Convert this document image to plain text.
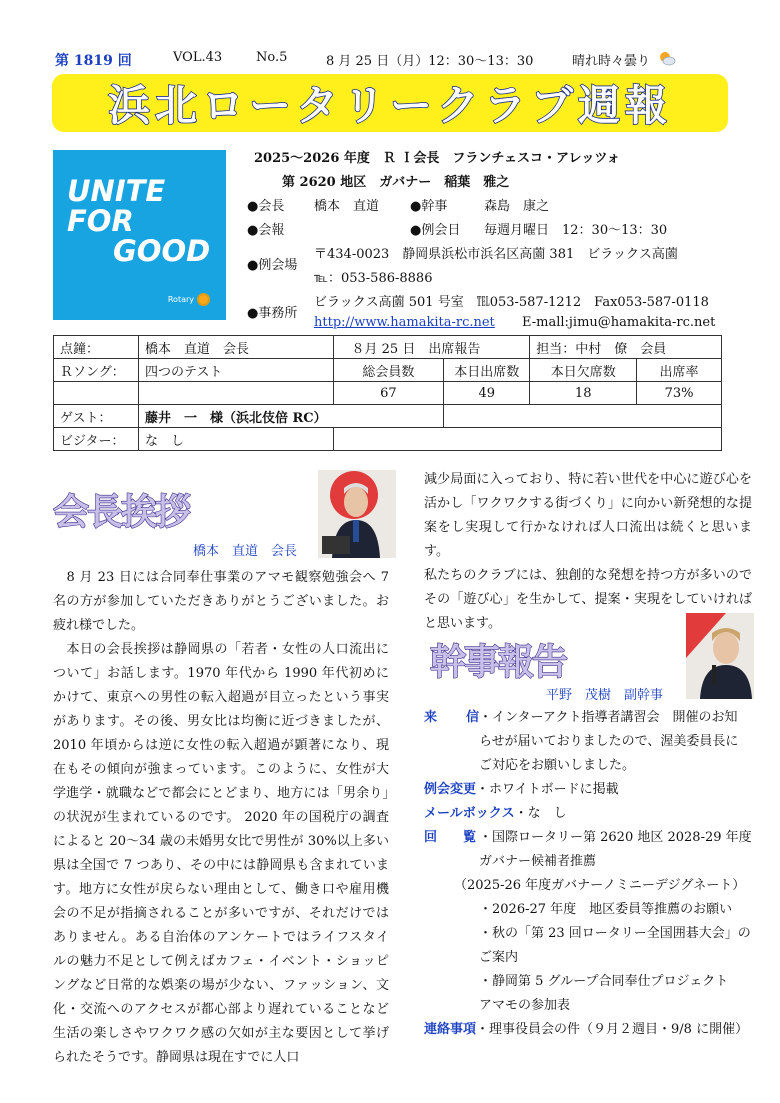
第 1819 回	VOL.43	No.5	8 月 25 日（月）12：30～13：30	晴れ時々曇り
浜北ロータリークラブ週報
UNITE
FOR
GOOD
Rotary
2025～2026 年度　Ｒ Ｉ会長　フランチェスコ・アレッツォ
第 2620 地区　ガバナー　稲葉　雅之
●会長 橋本　直道 ●幹事	森島　康之
●会報	●例会日 毎週月曜日　12：30～13：30
●例会場
〒434-0023　静岡県浜松市浜名区高薗 381　ビラックス高薗
℡：053-586-8886
●事務所
ビラックス高薗 501 号室　℡053-587-1212　Fax053-587-0118
http://www.hamakita-rc.net E-mall:jimu@hamakita-rc.net
点鐘：	橋本　直道　会長	８月 25 日　出席報告		担当：中村　僚　会員	
Ｒソング：	四つのテスト	総会員数	本日出席数	本日欠席数	出席率
		67	49	18	73%
ゲスト：	藤井　一　様（浜北伎倍 RC）				
ビジター：	な　し				
会長挨拶
橋本　直道　会長
　8 月 23 日には合同奉仕事業のアマモ観察勉強会へ 7 名の方が参加していただきありがとうございました。お疲れ様でした。
　本日の会長挨拶は静岡県の「若者・女性の人口流出について」お話します。1970 年代から 1990 年代初めにかけて、東京への男性の転入超過が目立ったという事実があります。その後、男女比は均衡に近づきましたが、2010 年頃からは逆に女性の転入超過が顕著になり、現在もその傾向が強まっています。このように、女性が大学進学・就職などで都会にとどまり、地方には「男余り」の状況が生まれているのです。 2020 年の国税庁の調査によると 20～34 歳の未婚男女比で男性が 30%以上多い県は全国で 7 つあり、その中には静岡県も含まれています。地方に女性が戻らない理由として、働き口や雇用機会の不足が指摘されることが多いですが、それだけではありません。ある自治体のアンケートではライフスタイルの魅力不足として例えばカフェ・イベント・ショッピングなど日常的な娯楽の場が少ない、ファッション、文化・交流へのアクセスが都心部より遅れていることなど生活の楽しさやワクワク感の欠如が主な要因として挙げられたそうです。静岡県は現在すでに人口
減少局面に入っており、特に若い世代を中心に遊び心を活かし「ワクワクする街づくり」に向かい新発想的な提案をし実現して行かなければ人口流出は続くと思います。
私たちのクラブには、独創的な発想を持つ方が多いのでその「遊び心」を生かして、提案・実現をしていければと思います。
幹事報告
平野　茂樹　副幹事
来　　信
・インターアクト指導者講習会　開催のお知
らせが届いておりましたので、渥美委員長に
ご対応をお願いしました。
例会変更・ホワイトボードに掲載
メールボックス・な　し
回　　覧 ・国際ロータリー第 2620 地区 2028-29 年度
ガバナー候補者推薦
（2025-26 年度ガバナーノミニーデジグネート）
・2026-27 年度　地区委員等推薦のお願い
・秋の「第 23 回ロータリー全国囲碁大会」の
ご案内
・静岡第 5 グループ合同奉仕プロジェクト
アマモの参加表
連絡事項・理事役員会の件（９月２週目・9/8 に開催）
